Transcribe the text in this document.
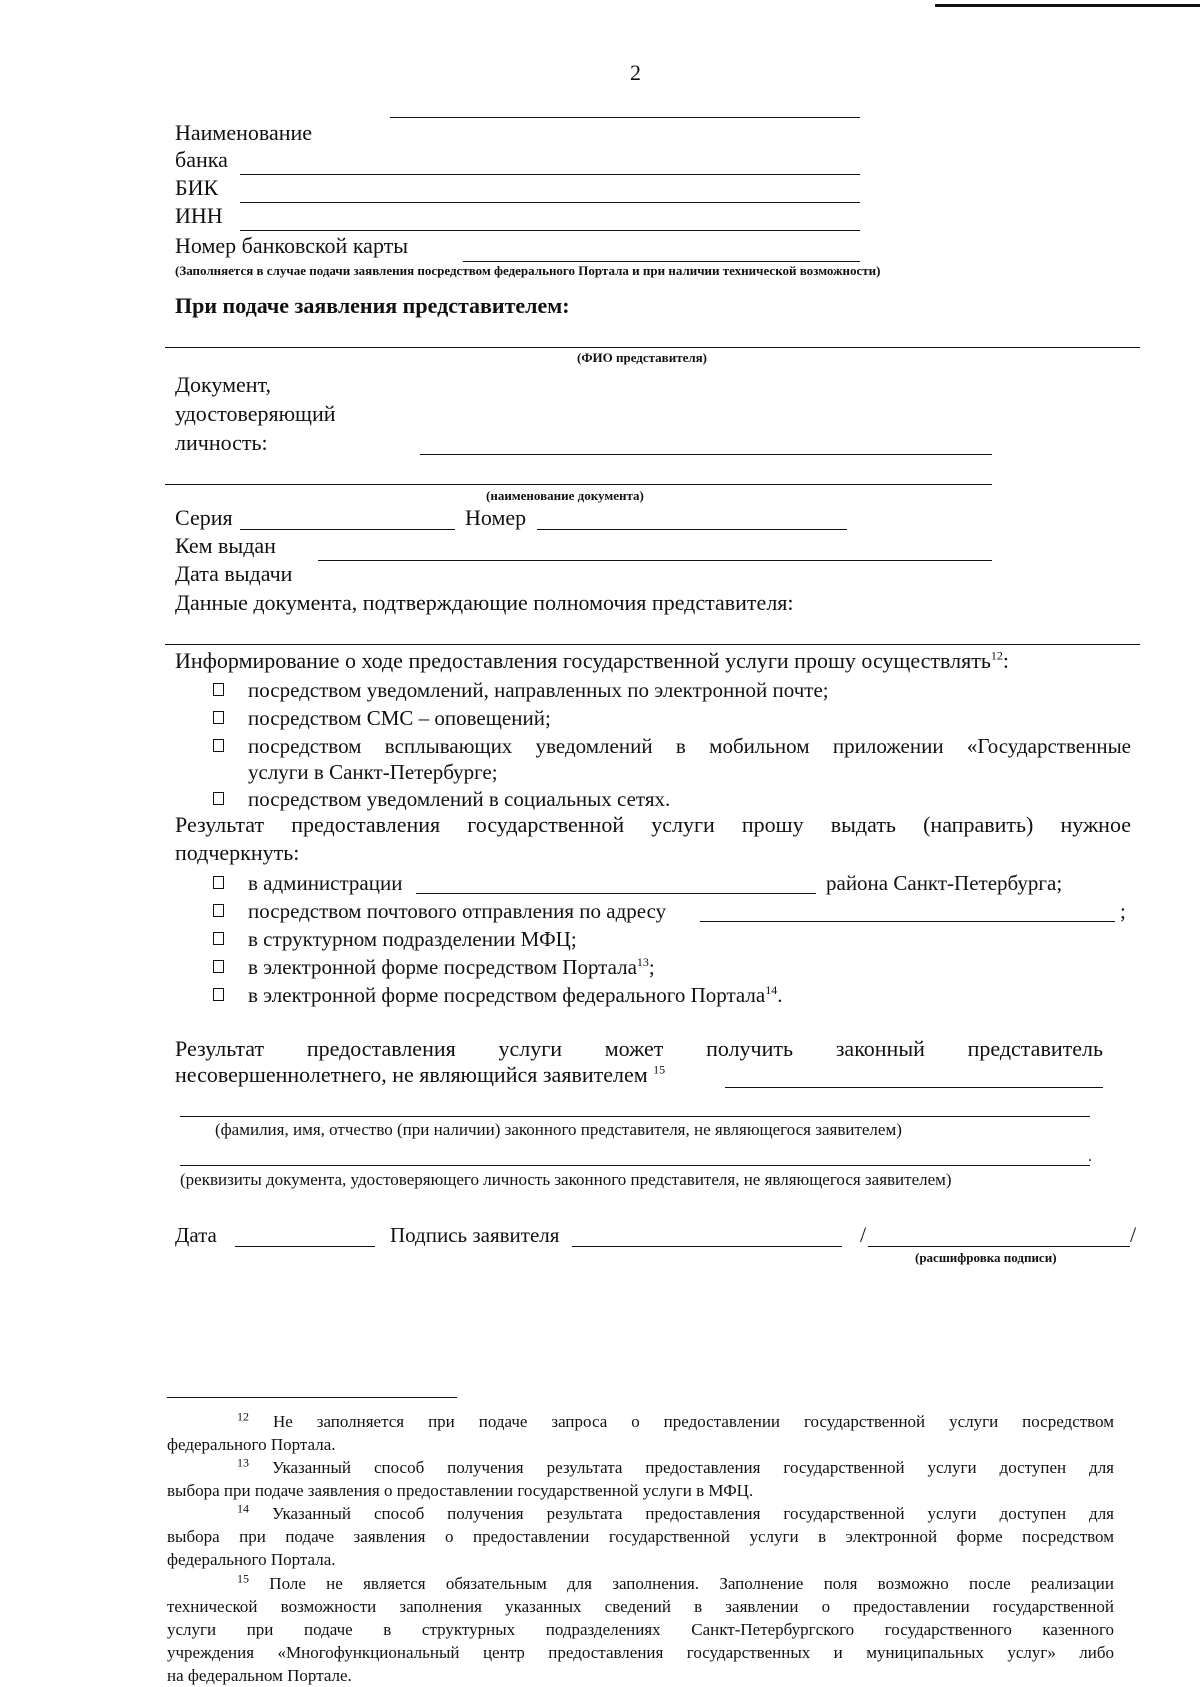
2
Наименование
банка
БИК
ИНН
Номер банковской карты
(Заполняется в случае подачи заявления посредством федерального Портала и при наличии технической возможности)
При подаче заявления представителем:
(ФИО представителя)
Документ,
удостоверяющий
личность:
(наименование документа)
Серия	Номер
Кем выдан
Дата выдачи
Данные документа, подтверждающие полномочия представителя:
Информирование о ходе предоставления государственной услуги прошу осуществлять$^{12}$:
посредством уведомлений, направленных по электронной почте;
посредством СМС – оповещений;
посредством всплывающих уведомлений в мобильном приложении «Государственные
услуги в Санкт-Петербурге;
посредством уведомлений в социальных сетях.
Результат предоставления государственной услуги прошу выдать (направить) нужное
подчеркнуть:
в администрации	района Санкт-Петербурга;
посредством почтового отправления по адресу	;
в структурном подразделении МФЦ;
в электронной форме посредством Портала$^{13}$;
в электронной форме посредством федерального Портала$^{14}$.
Результат предоставления услуги может получить законный представитель
несовершеннолетнего, не являющийся заявителем $^{15}$
(фамилия, имя, отчество (при наличии) законного представителя, не являющегося заявителем)
.
(реквизиты документа, удостоверяющего личность законного представителя, не являющегося заявителем)
Дата	Подпись заявителя	/	/
(расшифровка подписи)
$^{12}$ Не заполняется при подаче запроса о предоставлении государственной услуги посредством
федерального Портала.
$^{13}$ Указанный способ получения результата предоставления государственной услуги доступен для
выбора при подаче заявления о предоставлении государственной услуги в МФЦ.
$^{14}$ Указанный способ получения результата предоставления государственной услуги доступен для
выбора при подаче заявления о предоставлении государственной услуги в электронной форме посредством
федерального Портала.
$^{15}$ Поле не является обязательным для заполнения. Заполнение поля возможно после реализации
технической возможности заполнения указанных сведений в заявлении о предоставлении государственной
услуги при подаче в структурных подразделениях Санкт-Петербургского государственного казенного
учреждения «Многофункциональный центр предоставления государственных и муниципальных услуг» либо
на федеральном Портале.
